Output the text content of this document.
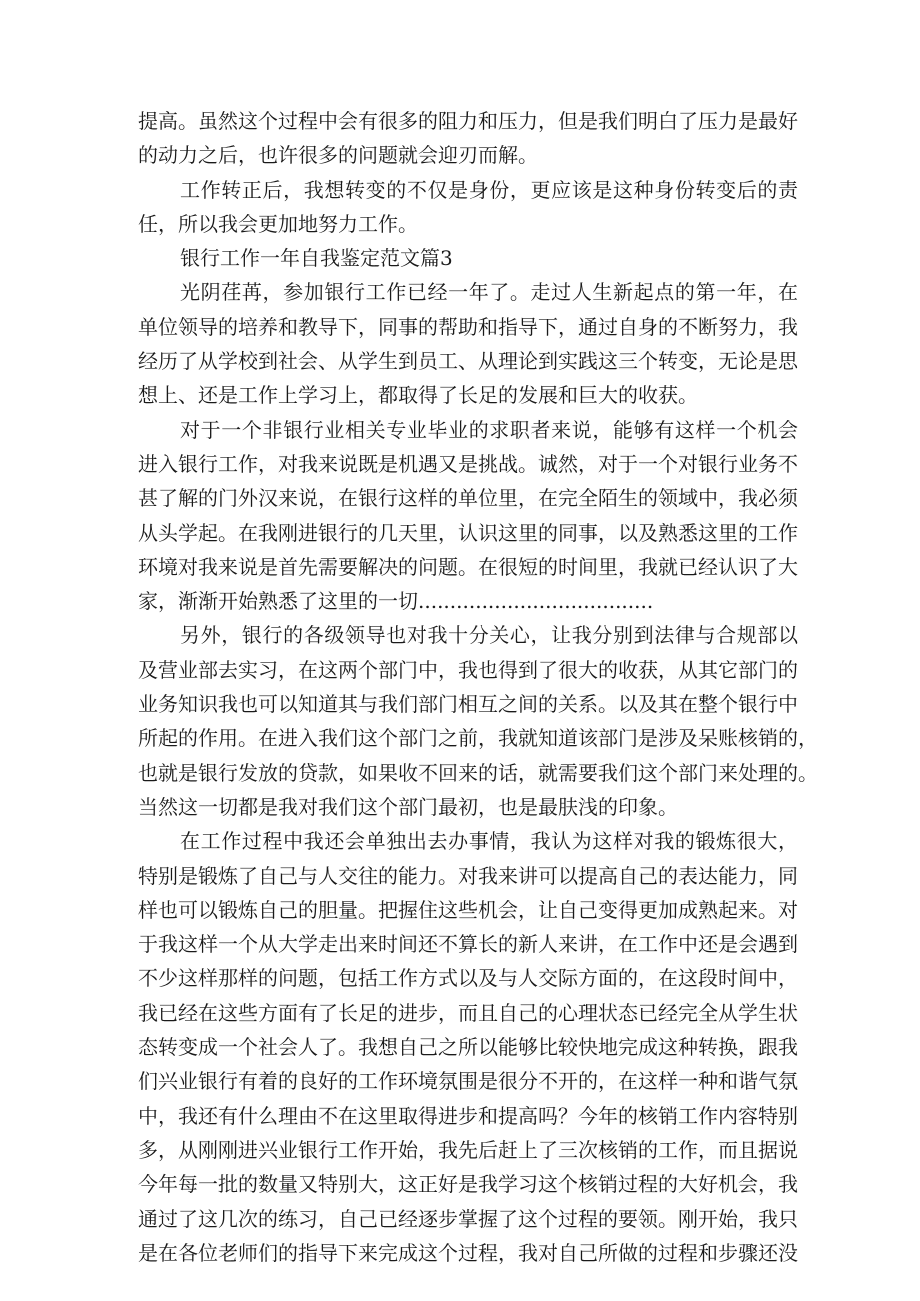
提高。虽然这个过程中会有很多的阻力和压力，但是我们明白了压力是最好
的动力之后，也许很多的问题就会迎刃而解。
工作转正后，我想转变的不仅是身份，更应该是这种身份转变后的责
任，所以我会更加地努力工作。
银行工作一年自我鉴定范文篇3
光阴荏苒，参加银行工作已经一年了。走过人生新起点的第一年，在
单位领导的培养和教导下，同事的帮助和指导下，通过自身的不断努力，我
经历了从学校到社会、从学生到员工、从理论到实践这三个转变，无论是思
想上、还是工作上学习上，都取得了长足的发展和巨大的收获。
对于一个非银行业相关专业毕业的求职者来说，能够有这样一个机会
进入银行工作，对我来说既是机遇又是挑战。诚然，对于一个对银行业务不
甚了解的门外汉来说，在银行这样的单位里，在完全陌生的领域中，我必须
从头学起。在我刚进银行的几天里，认识这里的同事，以及熟悉这里的工作
环境对我来说是首先需要解决的问题。在很短的时间里，我就已经认识了大
家，渐渐开始熟悉了这里的一切.....................................
另外，银行的各级领导也对我十分关心，让我分别到法律与合规部以
及营业部去实习，在这两个部门中，我也得到了很大的收获，从其它部门的
业务知识我也可以知道其与我们部门相互之间的关系。以及其在整个银行中
所起的作用。在进入我们这个部门之前，我就知道该部门是涉及呆账核销的，
也就是银行发放的贷款，如果收不回来的话，就需要我们这个部门来处理的。
当然这一切都是我对我们这个部门最初，也是最肤浅的印象。
在工作过程中我还会单独出去办事情，我认为这样对我的锻炼很大，
特别是锻炼了自己与人交往的能力。对我来讲可以提高自己的表达能力，同
样也可以锻炼自己的胆量。把握住这些机会，让自己变得更加成熟起来。对
于我这样一个从大学走出来时间还不算长的新人来讲，在工作中还是会遇到
不少这样那样的问题，包括工作方式以及与人交际方面的，在这段时间中，
我已经在这些方面有了长足的进步，而且自己的心理状态已经完全从学生状
态转变成一个社会人了。我想自己之所以能够比较快地完成这种转换，跟我
们兴业银行有着的良好的工作环境氛围是很分不开的，在这样一种和谐气氛
中，我还有什么理由不在这里取得进步和提高吗？今年的核销工作内容特别
多，从刚刚进兴业银行工作开始，我先后赶上了三次核销的工作，而且据说
今年每一批的数量又特别大，这正好是我学习这个核销过程的大好机会，我
通过了这几次的练习，自己已经逐步掌握了这个过程的要领。刚开始，我只
是在各位老师们的指导下来完成这个过程，我对自己所做的过程和步骤还没
